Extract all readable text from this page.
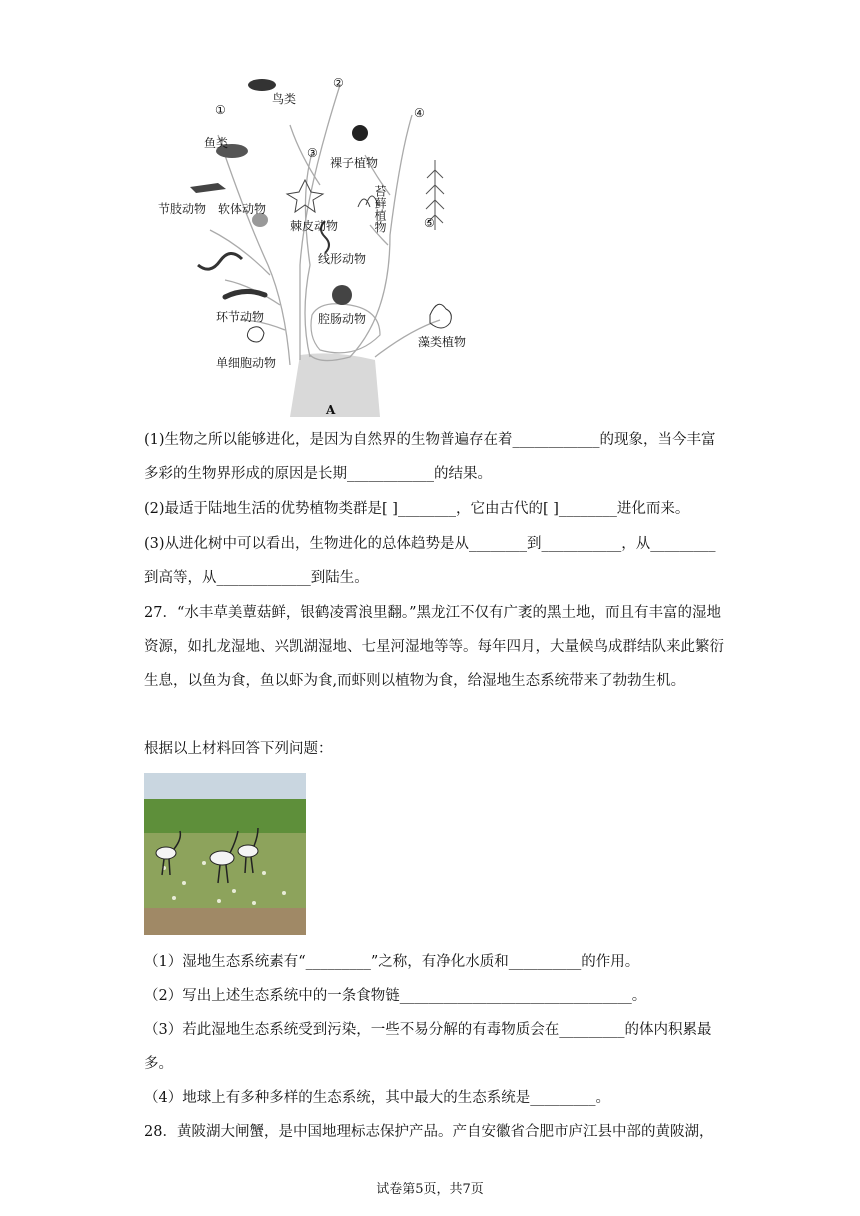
①
②
③
④
⑤
鸟类
鱼类
节肢动物 软体动物
棘皮动物
裸子植物
苔藓植物
线形动物
环节动物	腔肠动物
单细胞动物
藻类植物
A

(1)生物之所以能够进化，是因为自然界的生物普遍存在着____________的现象，当今丰富多彩的生物界形成的原因是长期____________的结果。

(2)最适于陆地生活的优势植物类群是[ ]________，它由古代的[ ]________进化而来。

(3)从进化树中可以看出，生物进化的总体趋势是从________到___________，从_________到高等，从_____________到陆生。

27．“水丰草美蕈菇鲜，银鹤凌霄浪里翻。”黑龙江不仅有广袤的黑土地，而且有丰富的湿地资源，如扎龙湿地、兴凯湖湿地、七星河湿地等等。每年四月，大量候鸟成群结队来此繁衍生息，以鱼为食，鱼以虾为食,而虾则以植物为食，给湿地生态系统带来了勃勃生机。

根据以上材料回答下列问题：

（1）湿地生态系统素有“_________”之称，有净化水质和__________的作用。

（2）写出上述生态系统中的一条食物链________________________________。

（3）若此湿地生态系统受到污染，一些不易分解的有毒物质会在_________的体内积累最多。

（4）地球上有多种多样的生态系统，其中最大的生态系统是_________。

28．黄陂湖大闸蟹，是中国地理标志保护产品。产自安徽省合肥市庐江县中部的黄陂湖，

试卷第5页，共7页
